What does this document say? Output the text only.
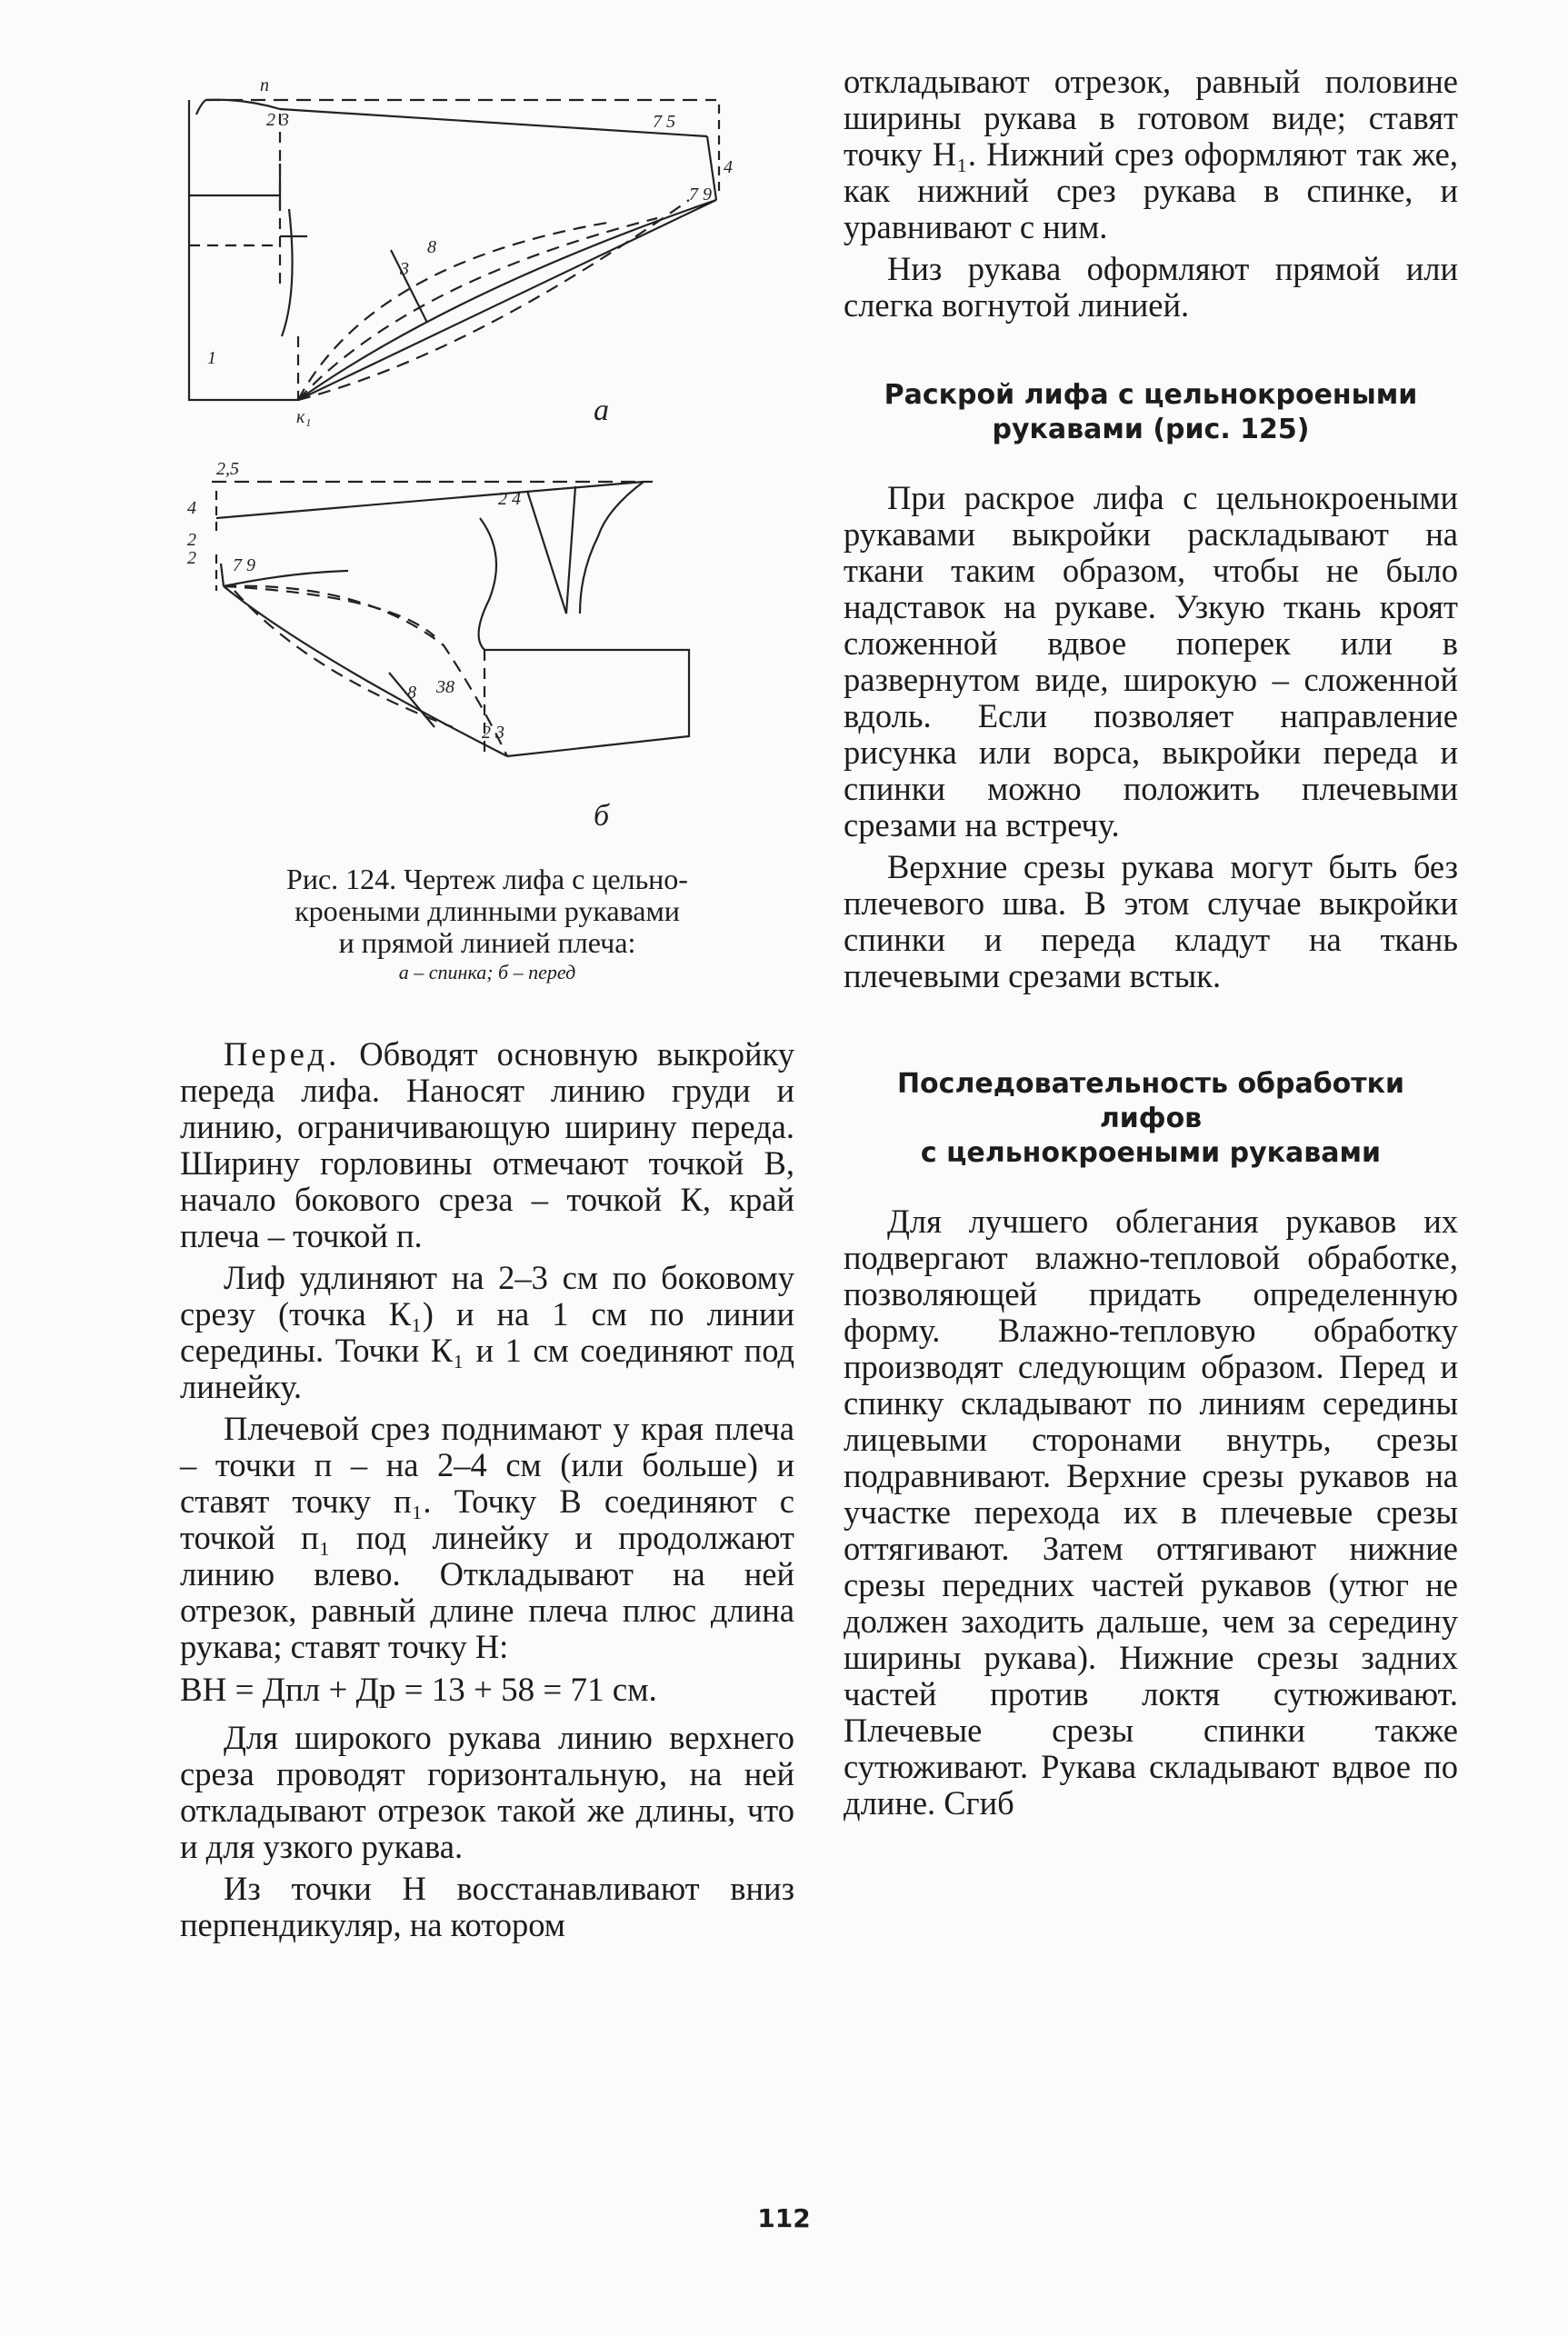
п
2 3	7 5
4
7 9
1
к₁
3
8
а
2,5
4
2
2 7 9
2 4
2 3
8 38
б
Рис. 124. Чертеж лифа с цельно-
кроеными длинными рукавами
и прямой линией плеча:
а – спинка; б – перед

Перед. Обводят основную выкройку переда лифа. Наносят линию груди и линию, ограничивающую ширину переда. Ширину горловины отмечают точкой В, начало бокового среза – точкой К, край плеча – точкой п.

Лиф удлиняют на 2–3 см по боковому срезу (точка К₁) и на 1 см по линии середины. Точки К₁ и 1 см соединяют под линейку.

Плечевой срез поднимают у края плеча – точки п – на 2–4 см (или больше) и ставят точку п₁. Точку В соединяют с точкой п₁ под линейку и продолжают линию влево. Откладывают на ней отрезок, равный длине плеча плюс длина рукава; ставят точку Н:

ВН = Дпл + Др = 13 + 58 = 71 см.

Для широкого рукава линию верхнего среза проводят горизонтальную, на ней откладывают отрезок такой же длины, что и для узкого рукава.

Из точки Н восстанавливают вниз перпендикуляр, на котором

откладывают отрезок, равный половине ширины рукава в готовом виде; ставят точку Н₁. Нижний срез оформляют так же, как нижний срез рукава в спинке, и уравнивают с ним.

Низ рукава оформляют прямой или слегка вогнутой линией.

Раскрой лифа с цельнокроеными
рукавами (рис. 125)

При раскрое лифа с цельнокроеными рукавами выкройки раскладывают на ткани таким образом, чтобы не было надставок на рукаве. Узкую ткань кроят сложенной вдвое поперек или в развернутом виде, широкую – сложенной вдоль. Если позволяет направление рисунка или ворса, выкройки переда и спинки можно положить плечевыми срезами на встречу.

Верхние срезы рукава могут быть без плечевого шва. В этом случае выкройки спинки и переда кладут на ткань плечевыми срезами встык.

Последовательность обработки
лифов
с цельнокроеными рукавами

Для лучшего облегания рукавов их подвергают влажно-тепловой обработке, позволяющей придать определенную форму. Влажно-тепловую обработку производят следующим образом. Перед и спинку складывают по линиям середины лицевыми сторонами внутрь, срезы подравнивают. Верхние срезы рукавов на участке перехода их в плечевые срезы оттягивают. Затем оттягивают нижние срезы передних частей рукавов (утюг не должен заходить дальше, чем за середину ширины рукава). Нижние срезы задних частей против локтя сутюживают. Плечевые срезы спинки также сутюживают. Рукава складывают вдвое по длине. Сгиб

112
